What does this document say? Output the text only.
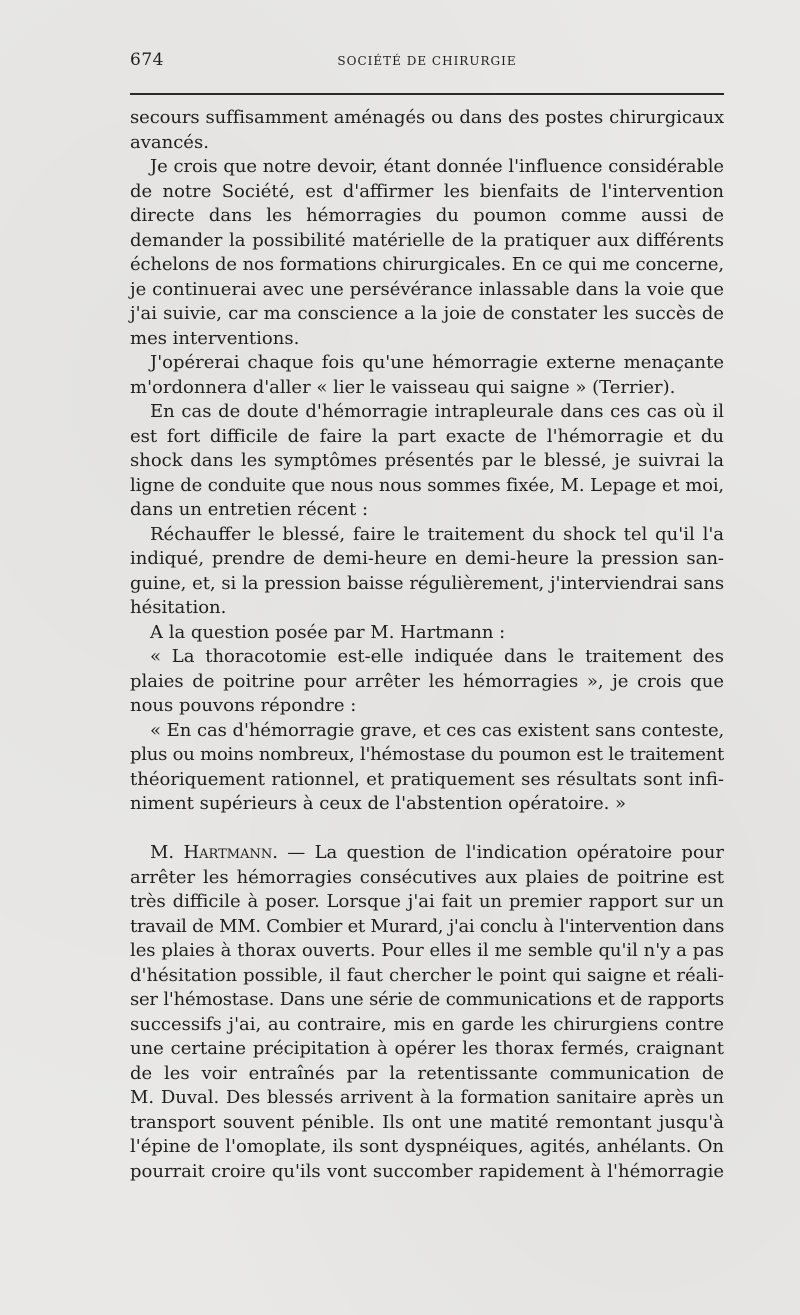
674	SOCIÉTÉ DE CHIRURGIE
secours suffisamment aménagés ou dans des postes chirurgicaux
avancés.
Je crois que notre devoir, étant donnée l'influence considérable
de notre Société, est d'affirmer les bienfaits de l'intervention
directe dans les hémorragies du poumon comme aussi de
demander la possibilité matérielle de la pratiquer aux différents
échelons de nos formations chirurgicales. En ce qui me concerne,
je continuerai avec une persévérance inlassable dans la voie que
j'ai suivie, car ma conscience a la joie de constater les succès de
mes interventions.
J'opérerai chaque fois qu'une hémorragie externe menaçante
m'ordonnera d'aller « lier le vaisseau qui saigne » (Terrier).
En cas de doute d'hémorragie intrapleurale dans ces cas où il
est fort difficile de faire la part exacte de l'hémorragie et du
shock dans les symptômes présentés par le blessé, je suivrai la
ligne de conduite que nous nous sommes fixée, M. Lepage et moi,
dans un entretien récent :
Réchauffer le blessé, faire le traitement du shock tel qu'il l'a
indiqué, prendre de demi-heure en demi-heure la pression san-
guine, et, si la pression baisse régulièrement, j'interviendrai sans
hésitation.
A la question posée par M. Hartmann :
« La thoracotomie est-elle indiquée dans le traitement des
plaies de poitrine pour arrêter les hémorragies », je crois que
nous pouvons répondre :
« En cas d'hémorragie grave, et ces cas existent sans conteste,
plus ou moins nombreux, l'hémostase du poumon est le traitement
théoriquement rationnel, et pratiquement ses résultats sont infi-
niment supérieurs à ceux de l'abstention opératoire. »
M. Hartmann. — La question de l'indication opératoire pour
arrêter les hémorragies consécutives aux plaies de poitrine est
très difficile à poser. Lorsque j'ai fait un premier rapport sur un
travail de MM. Combier et Murard, j'ai conclu à l'intervention dans
les plaies à thorax ouverts. Pour elles il me semble qu'il n'y a pas
d'hésitation possible, il faut chercher le point qui saigne et réali-
ser l'hémostase. Dans une série de communications et de rapports
successifs j'ai, au contraire, mis en garde les chirurgiens contre
une certaine précipitation à opérer les thorax fermés, craignant
de les voir entraînés par la retentissante communication de
M. Duval. Des blessés arrivent à la formation sanitaire après un
transport souvent pénible. Ils ont une matité remontant jusqu'à
l'épine de l'omoplate, ils sont dyspnéiques, agités, anhélants. On
pourrait croire qu'ils vont succomber rapidement à l'hémorragie
